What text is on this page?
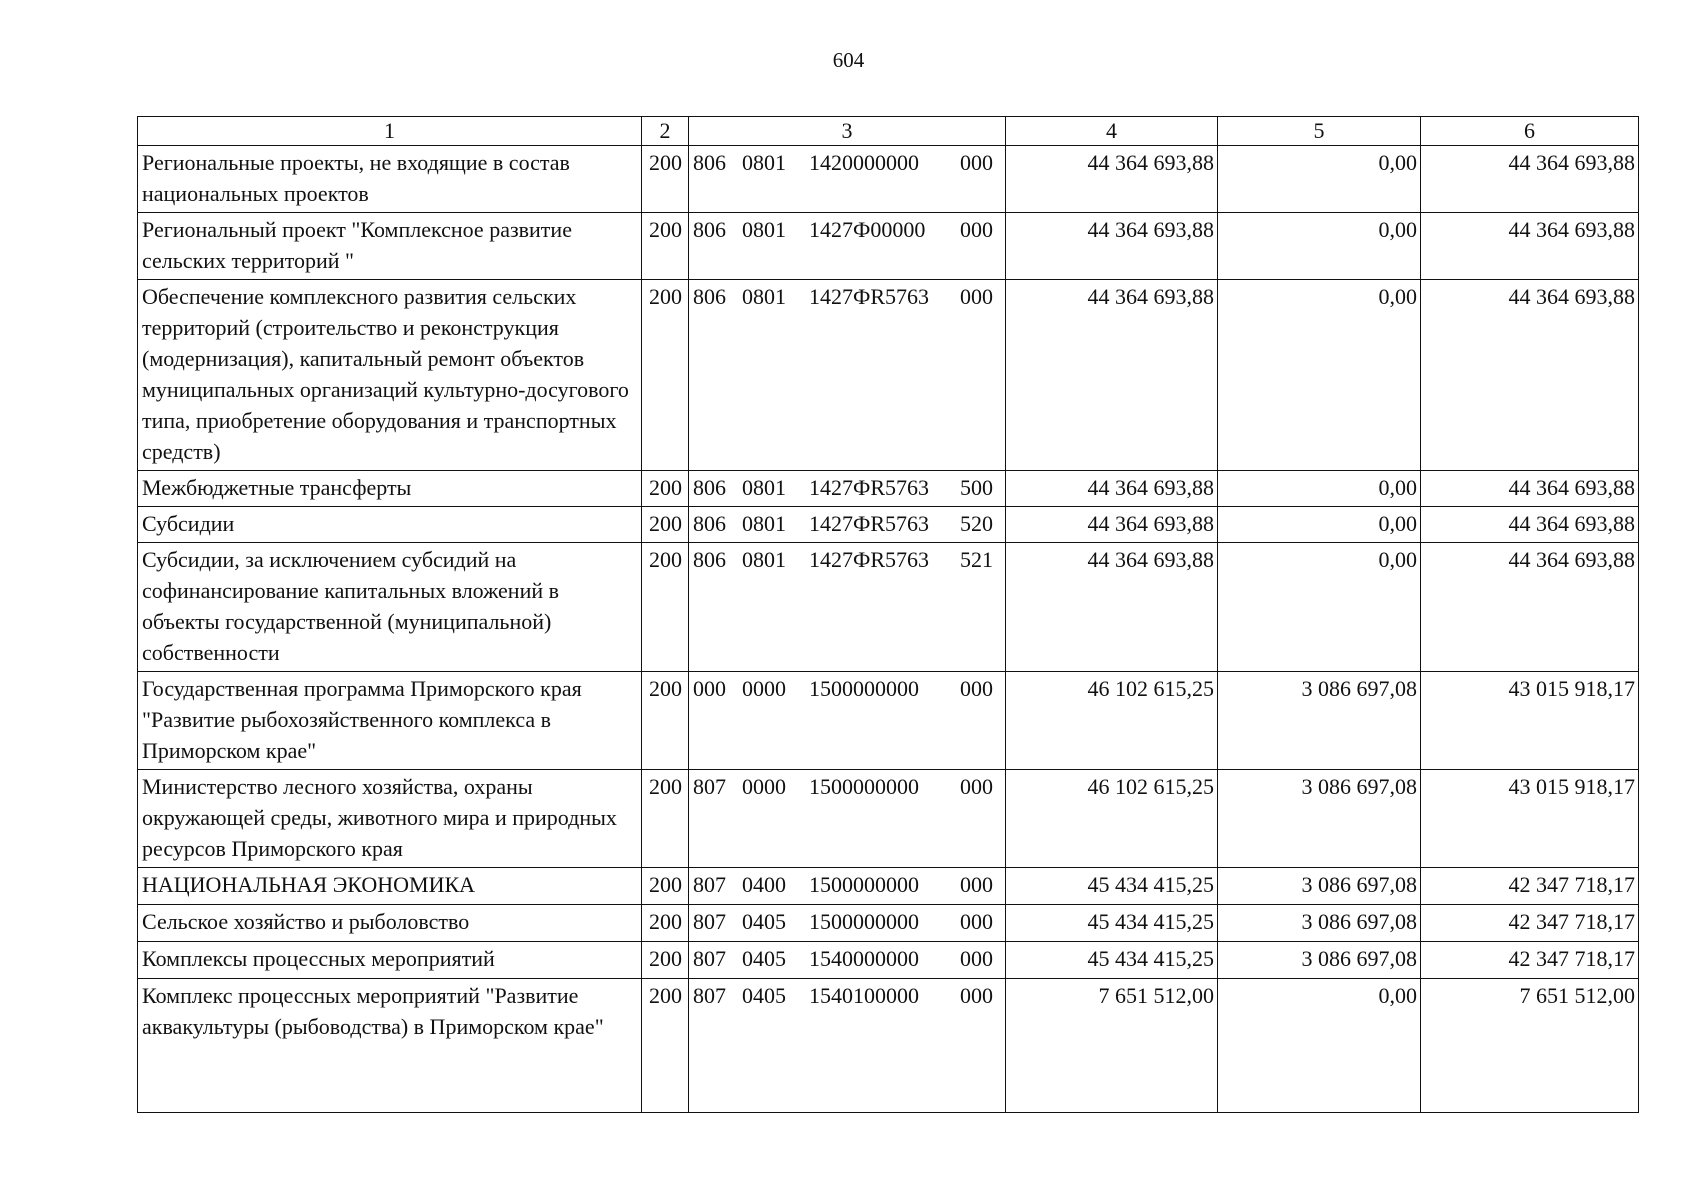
604
1	2	3	4	5	6
Региональные проекты, не входящие в состав национальных проектов	200	806 0801 1420000000 000	44 364 693,88	0,00	44 364 693,88
Региональный проект "Комплексное развитие сельских территорий "	200	806 0801 1427Ф00000 000	44 364 693,88	0,00	44 364 693,88
Обеспечение комплексного развития сельских территорий (строительство и реконструкция (модернизация), капитальный ремонт объектов муниципальных организаций культурно-досугового типа, приобретение оборудования и транспортных средств)	200	806 0801 1427ФR5763 000	44 364 693,88	0,00	44 364 693,88
Межбюджетные трансферты	200	806 0801 1427ФR5763 500	44 364 693,88	0,00	44 364 693,88
Субсидии	200	806 0801 1427ФR5763 520	44 364 693,88	0,00	44 364 693,88
Субсидии, за исключением субсидий на софинансирование капитальных вложений в объекты государственной (муниципальной) собственности	200	806 0801 1427ФR5763 521	44 364 693,88	0,00	44 364 693,88
Государственная программа Приморского края "Развитие рыбохозяйственного комплекса в Приморском крае"	200	000 0000 1500000000 000	46 102 615,25	3 086 697,08	43 015 918,17
Министерство лесного хозяйства, охраны окружающей среды, животного мира и природных ресурсов Приморского края	200	807 0000 1500000000 000	46 102 615,25	3 086 697,08	43 015 918,17
НАЦИОНАЛЬНАЯ ЭКОНОМИКА	200	807 0400 1500000000 000	45 434 415,25	3 086 697,08	42 347 718,17
Сельское хозяйство и рыболовство	200	807 0405 1500000000 000	45 434 415,25	3 086 697,08	42 347 718,17
Комплексы процессных мероприятий	200	807 0405 1540000000 000	45 434 415,25	3 086 697,08	42 347 718,17
Комплекс процессных мероприятий "Развитие аквакультуры (рыбоводства) в Приморском крае"	200	807 0405 1540100000 000	7 651 512,00	0,00	7 651 512,00
